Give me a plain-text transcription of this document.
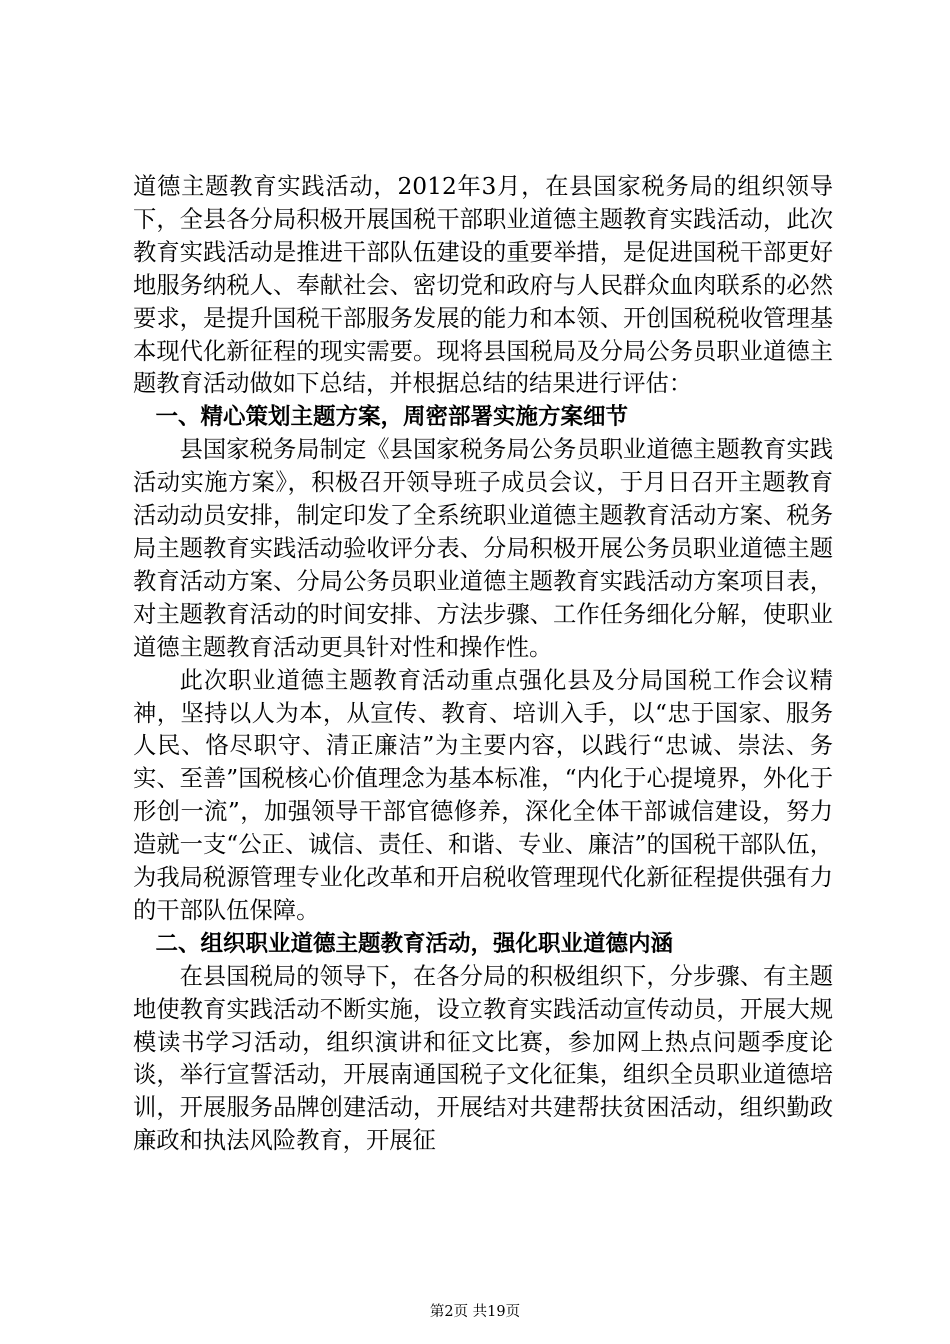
道德主题教育实践活动，2012年3月，在县国家税务局的组织领导下，全县各分局积极开展国税干部职业道德主题教育实践活动，此次教育实践活动是推进干部队伍建设的重要举措，是促进国税干部更好地服务纳税人、奉献社会、密切党和政府与人民群众血肉联系的必然要求，是提升国税干部服务发展的能力和本领、开创国税税收管理基本现代化新征程的现实需要。现将县国税局及分局公务员职业道德主题教育活动做如下总结，并根据总结的结果进行评估：

一、精心策划主题方案，周密部署实施方案细节

县国家税务局制定《县国家税务局公务员职业道德主题教育实践活动实施方案》，积极召开领导班子成员会议，于月日召开主题教育活动动员安排，制定印发了全系统职业道德主题教育活动方案、税务局主题教育实践活动验收评分表、分局积极开展公务员职业道德主题教育活动方案、分局公务员职业道德主题教育实践活动方案项目表，对主题教育活动的时间安排、方法步骤、工作任务细化分解，使职业道德主题教育活动更具针对性和操作性。

此次职业道德主题教育活动重点强化县及分局国税工作会议精神，坚持以人为本，从宣传、教育、培训入手，以“忠于国家、服务人民、恪尽职守、清正廉洁”为主要内容，以践行“忠诚、崇法、务实、至善”国税核心价值理念为基本标准，“内化于心提境界，外化于形创一流”，加强领导干部官德修养，深化全体干部诚信建设，努力造就一支“公正、诚信、责任、和谐、专业、廉洁”的国税干部队伍，为我局税源管理专业化改革和开启税收管理现代化新征程提供强有力的干部队伍保障。

二、组织职业道德主题教育活动，强化职业道德内涵

在县国税局的领导下，在各分局的积极组织下，分步骤、有主题地使教育实践活动不断实施，设立教育实践活动宣传动员，开展大规模读书学习活动，组织演讲和征文比赛，参加网上热点问题季度论谈，举行宣誓活动，开展南通国税子文化征集，组织全员职业道德培训，开展服务品牌创建活动，开展结对共建帮扶贫困活动，组织勤政廉政和执法风险教育，开展征

第2页 共19页
